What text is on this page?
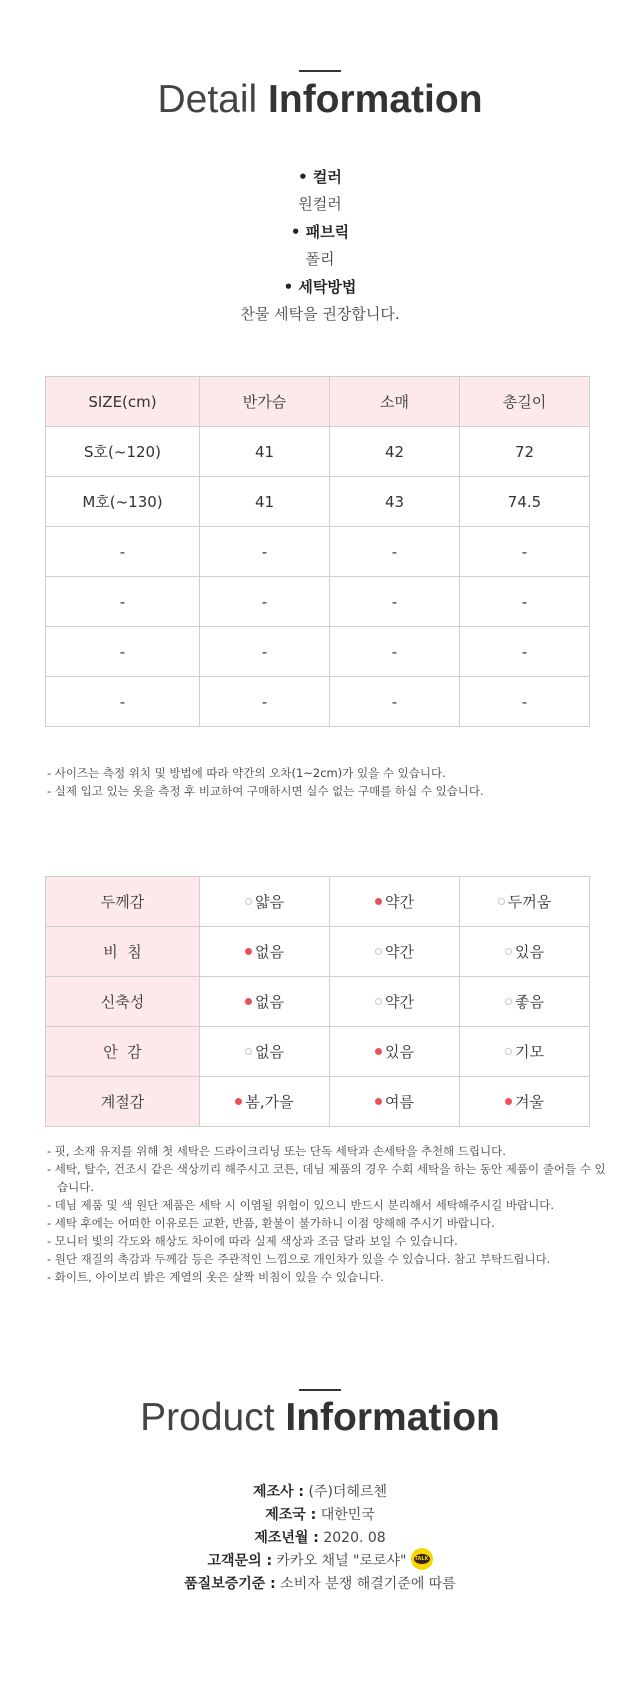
Detail Information
• 컬러
원컬러
• 패브릭
폴리
• 세탁방법
찬물 세탁을 권장합니다.
SIZE(cm)	반가슴	소매	총길이
S호(~120)	41	42	72
M호(~130)	41	43	74.5
-	-	-	-
-	-	-	-
-	-	-	-
-	-	-	-
- 사이즈는 측정 위치 및 방법에 따라 약간의 오차(1~2cm)가 있을 수 있습니다.
- 실제 입고 있는 옷을 측정 후 비교하여 구매하시면 실수 없는 구매를 하실 수 있습니다.
두께감	얇음	약간	두꺼움
비  침	없음	약간	있음
신축성	없음	약간	좋음
안  감	없음	있음	기모
계절감	봄,가을	여름	겨울
- 핏, 소재 유지를 위해 첫 세탁은 드라이크리닝 또는 단독 세탁과 손세탁을 추천해 드립니다.
- 세탁, 탈수, 건조시 같은 색상끼리 해주시고 코튼, 데님 제품의 경우 수회 세탁을 하는 동안 제품이 줄어들 수 있습니다.
- 데님 제품 및 색 원단 제품은 세탁 시 이염될 위험이 있으니 반드시 분리해서 세탁해주시길 바랍니다.
- 세탁 후에는 어떠한 이유로든 교환, 반품, 환불이 불가하니 이점 양해해 주시기 바랍니다.
- 모니터 빛의 각도와 해상도 차이에 따라 실제 색상과 조금 달라 보일 수 있습니다.
- 원단 재질의 촉감과 두께감 등은 주관적인 느낌으로 개인차가 있을 수 있습니다. 참고 부탁드립니다.
- 화이트, 아이보리 밝은 계열의 옷은 살짝 비침이 있을 수 있습니다.
Product Information
제조사 : (주)더헤르첸
제조국 : 대한민국
제조년월 : 2020. 08
고객문의 : 카카오 채널 "로로샤" TALK
품질보증기준 : 소비자 분쟁 해결기준에 따름
